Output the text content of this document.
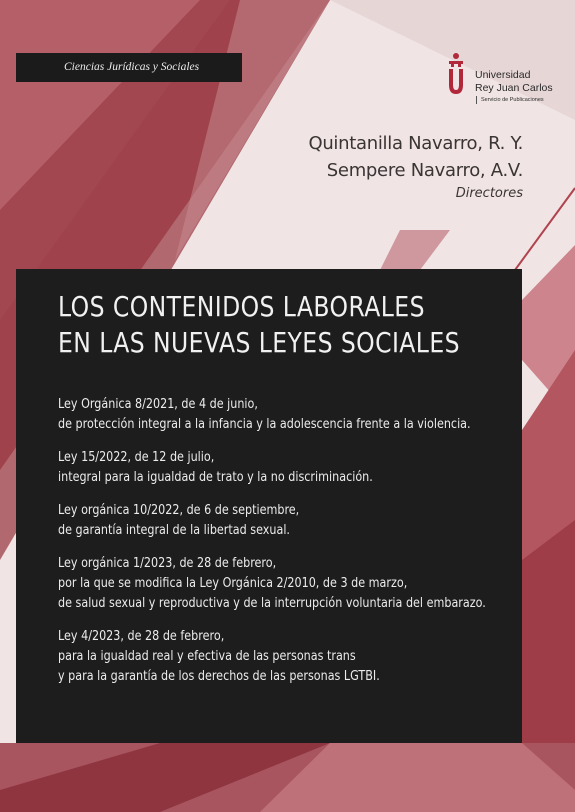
Ciencias Jurídicas y Sociales
Universidad
Rey Juan Carlos
Servicio de Publicaciones
Quintanilla Navarro, R. Y.
Sempere Navarro, A.V.
Directores
LOS CONTENIDOS LABORALES
EN LAS NUEVAS LEYES SOCIALES
Ley Orgánica 8/2021, de 4 de junio,
de protección integral a la infancia y la adolescencia frente a la violencia.
Ley 15/2022, de 12 de julio,
integral para la igualdad de trato y la no discriminación.
Ley orgánica 10/2022, de 6 de septiembre,
de garantía integral de la libertad sexual.
Ley orgánica 1/2023, de 28 de febrero,
por la que se modifica la Ley Orgánica 2/2010, de 3 de marzo,
de salud sexual y reproductiva y de la interrupción voluntaria del embarazo.
Ley 4/2023, de 28 de febrero,
para la igualdad real y efectiva de las personas trans
y para la garantía de los derechos de las personas LGTBI.
